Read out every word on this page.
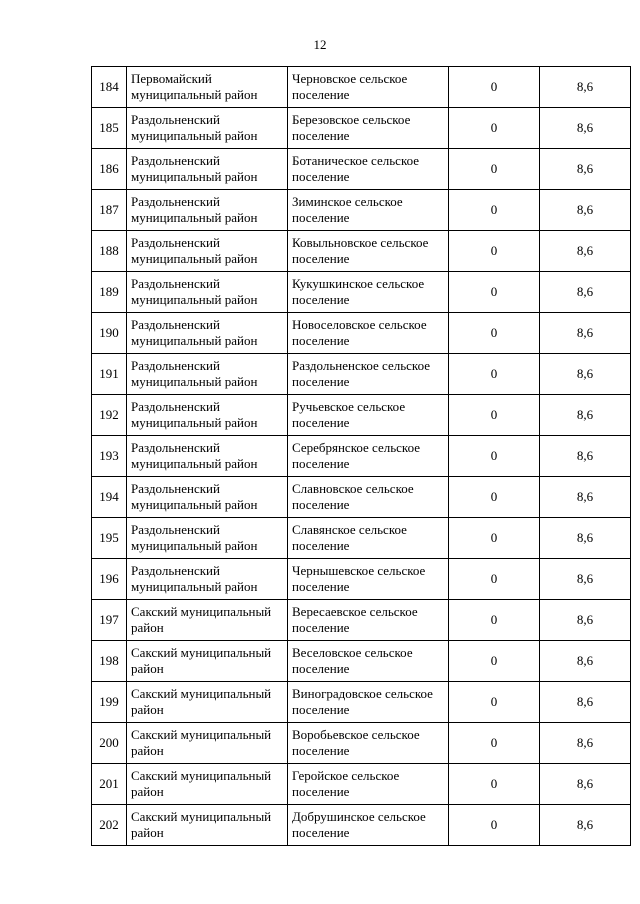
12
184	Первомайский муниципальный район	Черновское сельское поселение	0	8,6
185	Раздольненский муниципальный район	Березовское сельское поселение	0	8,6
186	Раздольненский муниципальный район	Ботаническое сельское поселение	0	8,6
187	Раздольненский муниципальный район	Зиминское сельское поселение	0	8,6
188	Раздольненский муниципальный район	Ковыльновское сельское поселение	0	8,6
189	Раздольненский муниципальный район	Кукушкинское сельское поселение	0	8,6
190	Раздольненский муниципальный район	Новоселовское сельское поселение	0	8,6
191	Раздольненский муниципальный район	Раздольненское сельское поселение	0	8,6
192	Раздольненский муниципальный район	Ручьевское сельское поселение	0	8,6
193	Раздольненский муниципальный район	Серебрянское сельское поселение	0	8,6
194	Раздольненский муниципальный район	Славновское сельское поселение	0	8,6
195	Раздольненский муниципальный район	Славянское сельское поселение	0	8,6
196	Раздольненский муниципальный район	Чернышевское сельское поселение	0	8,6
197	Сакский муниципальный район	Вересаевское сельское поселение	0	8,6
198	Сакский муниципальный район	Веселовское сельское поселение	0	8,6
199	Сакский муниципальный район	Виноградовское сельское поселение	0	8,6
200	Сакский муниципальный район	Воробьевское сельское поселение	0	8,6
201	Сакский муниципальный район	Геройское сельское поселение	0	8,6
202	Сакский муниципальный район	Добрушинское сельское поселение	0	8,6
